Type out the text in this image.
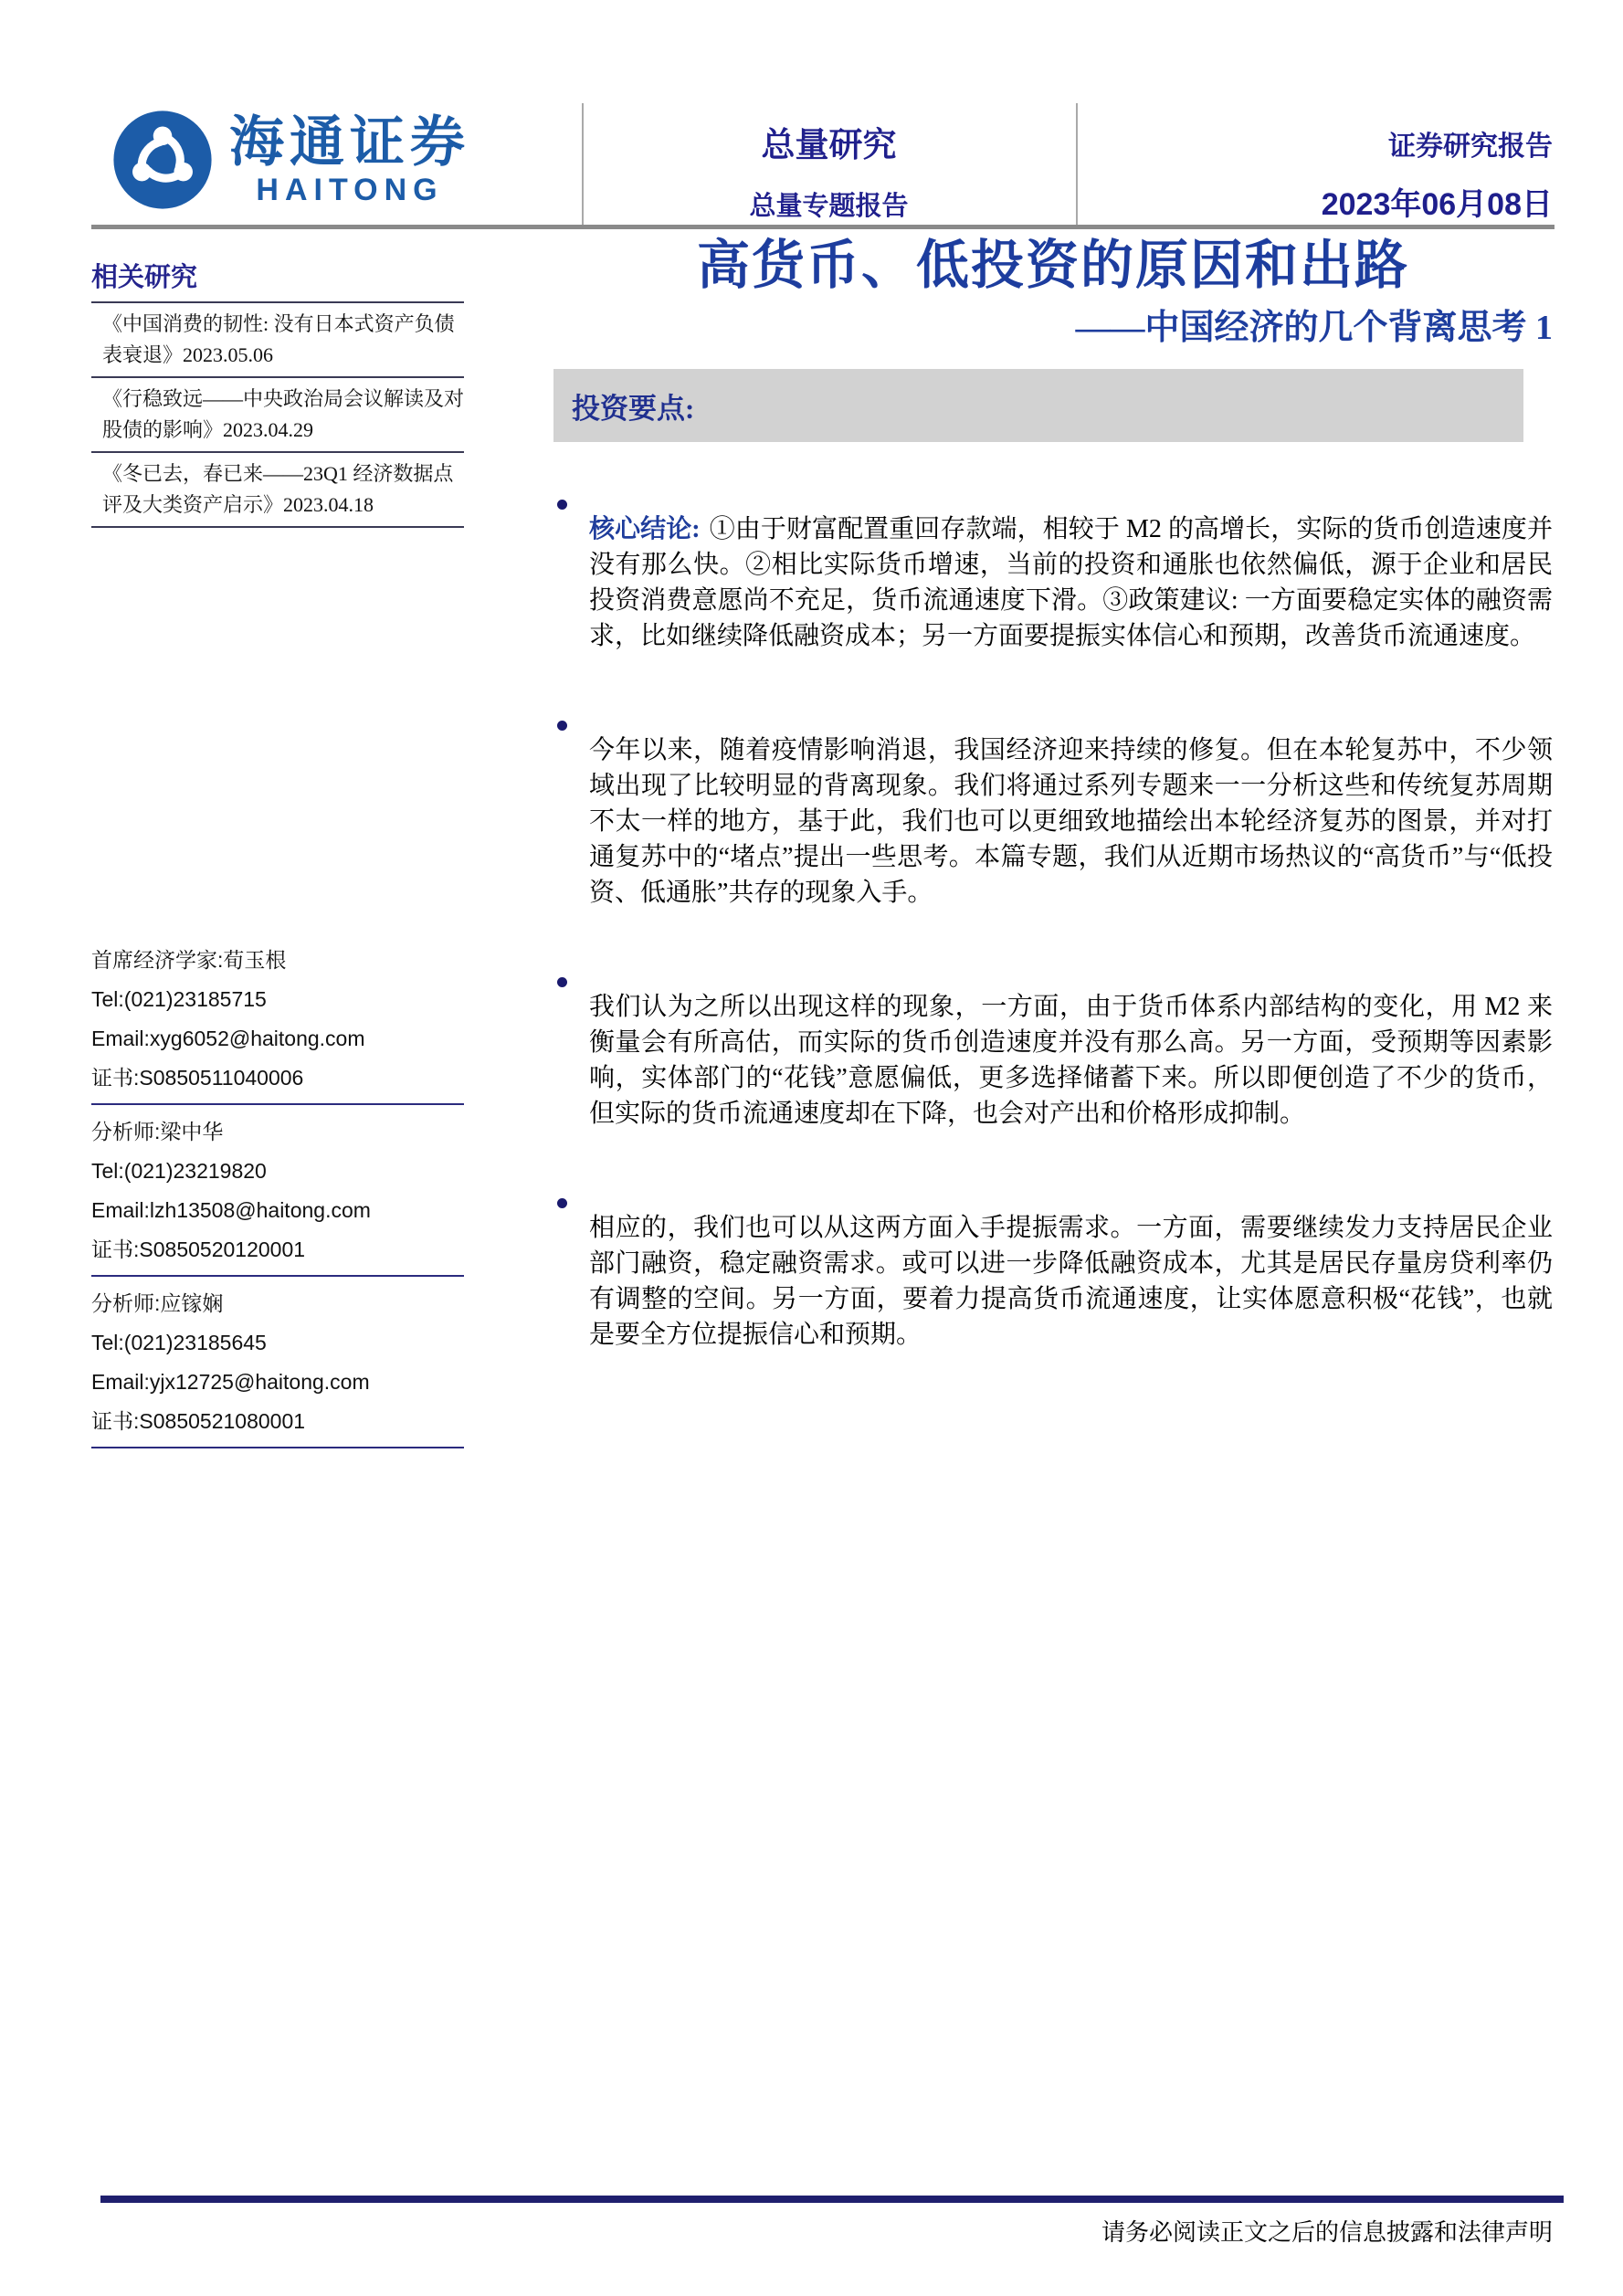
海通证券
HAITONG
总量研究
总量专题报告
证券研究报告
2023年06月08日
相关研究
《中国消费的韧性: 没有日本式资产负债表衰退》2023.05.06
《行稳致远——中央政治局会议解读及对股债的影响》2023.04.29
《冬已去，春已来——23Q1 经济数据点评及大类资产启示》2023.04.18
首席经济学家:荀玉根
Tel:(021)23185715
Email:xyg6052@haitong.com
证书:S0850511040006
分析师:梁中华
Tel:(021)23219820
Email:lzh13508@haitong.com
证书:S0850520120001
分析师:应镓娴
Tel:(021)23185645
Email:yjx12725@haitong.com
证书:S0850521080001
高货币、低投资的原因和出路
——中国经济的几个背离思考 1
投资要点:

核心结论: ①由于财富配置重回存款端，相较于 M2 的高增长，实际的货币创造速度并没有那么快。②相比实际货币增速，当前的投资和通胀也依然偏低，源于企业和居民投资消费意愿尚不充足，货币流通速度下滑。③政策建议: 一方面要稳定实体的融资需求，比如继续降低融资成本；另一方面要提振实体信心和预期，改善货币流通速度。

今年以来，随着疫情影响消退，我国经济迎来持续的修复。但在本轮复苏中，不少领域出现了比较明显的背离现象。我们将通过系列专题来一一分析这些和传统复苏周期不太一样的地方，基于此，我们也可以更细致地描绘出本轮经济复苏的图景，并对打通复苏中的“堵点”提出一些思考。本篇专题，我们从近期市场热议的“高货币”与“低投资、低通胀”共存的现象入手。

我们认为之所以出现这样的现象，一方面，由于货币体系内部结构的变化，用 M2 来衡量会有所高估，而实际的货币创造速度并没有那么高。另一方面，受预期等因素影响，实体部门的“花钱”意愿偏低，更多选择储蓄下来。所以即便创造了不少的货币，但实际的货币流通速度却在下降，也会对产出和价格形成抑制。

相应的，我们也可以从这两方面入手提振需求。一方面，需要继续发力支持居民企业部门融资，稳定融资需求。或可以进一步降低融资成本，尤其是居民存量房贷利率仍有调整的空间。另一方面，要着力提高货币流通速度，让实体愿意积极“花钱”，也就是要全方位提振信心和预期。

请务必阅读正文之后的信息披露和法律声明
